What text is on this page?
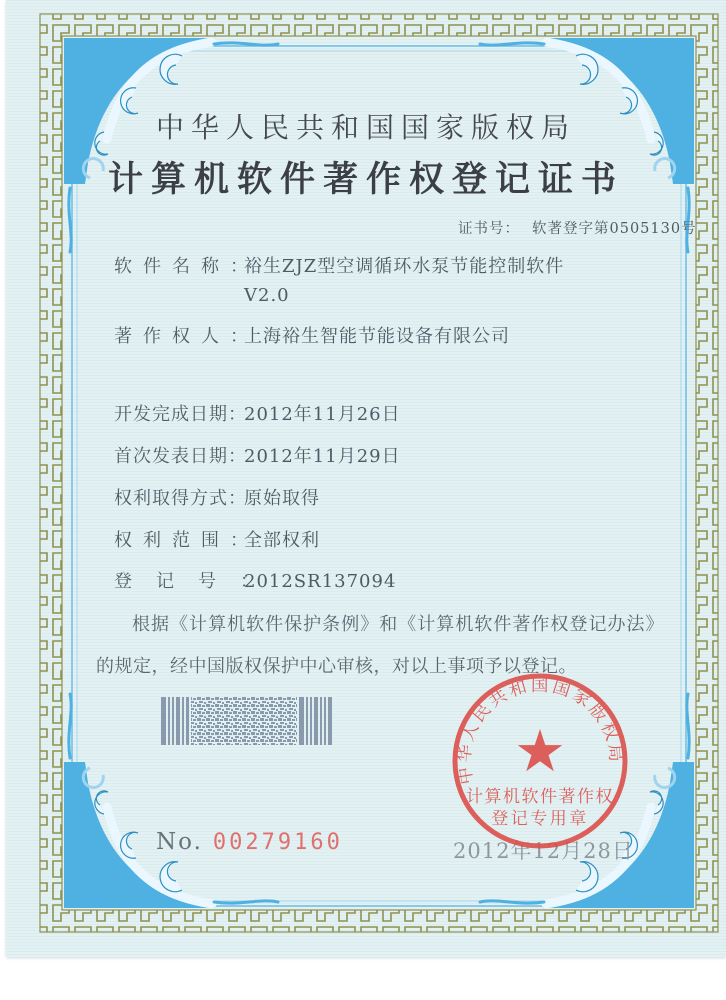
中华人民共和国国家版权局
计算机软件著作权登记证书
证书号： 软著登字第0505130号
软件名称：
裕生ZJZ型空调循环水泵节能控制软件
V2.0
著作权人：
上海裕生智能节能设备有限公司
开发完成日期：
2012年11月26日
首次发表日期：
2012年11月29日
权利取得方式：
原始取得
权利范围：
全部权利
登记号：
2012SR137094

根据《计算机软件保护条例》和《计算机软件著作权登记办法》的规定，经中国版权保护中心审核，对以上事项予以登记。

2012年12月28日
★
中华人民共和国国家版权局
计算机软件著作权
登记专用章
No. 00279160
